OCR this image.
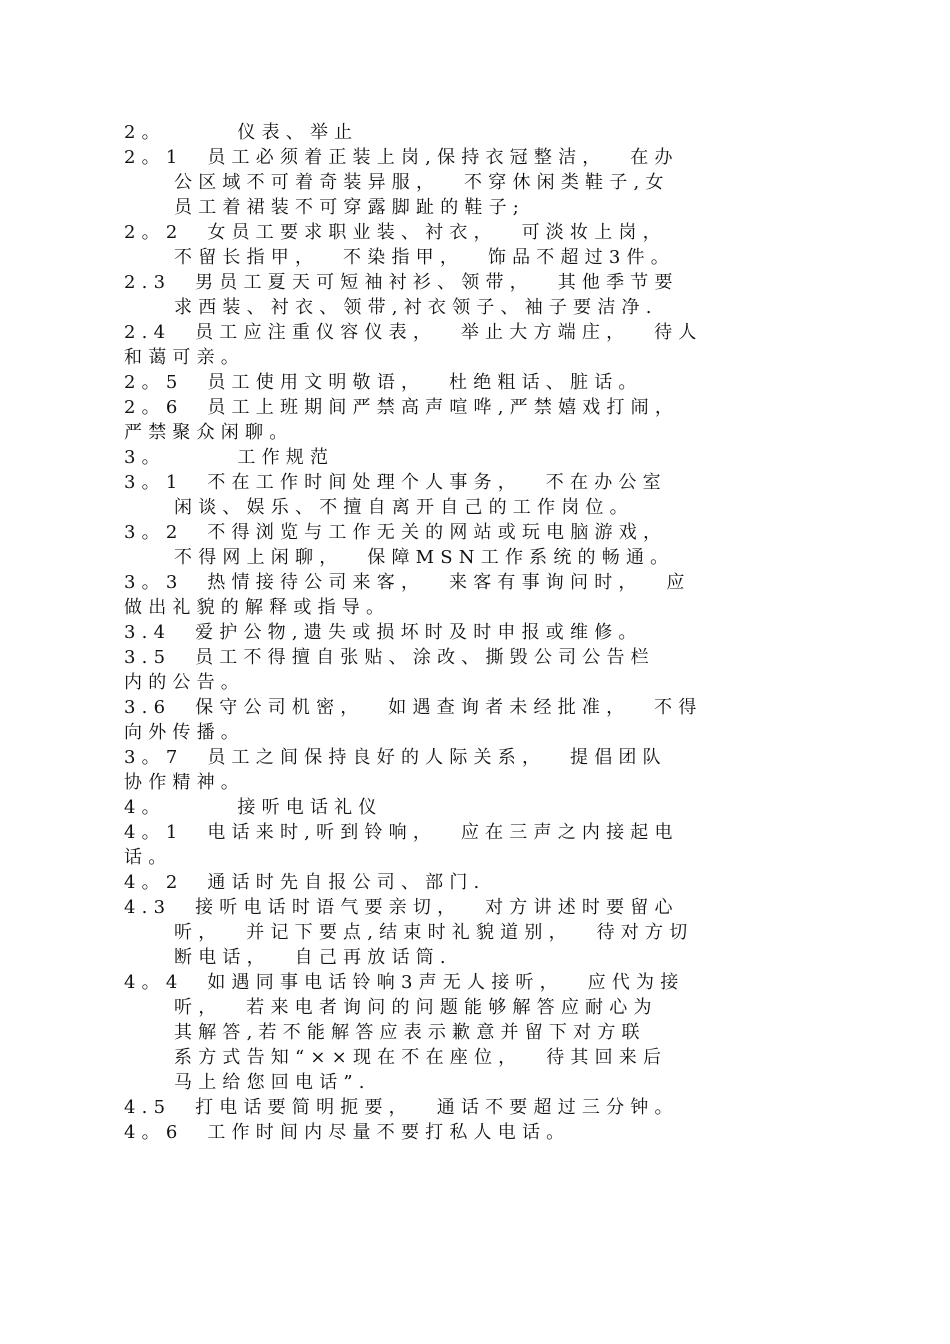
2。      仪表、举止
2。1  员工必须着正装上岗,保持衣冠整洁，  在办
公区域不可着奇装异服，  不穿休闲类鞋子,女
员工着裙装不可穿露脚趾的鞋子;
2。2  女员工要求职业装、衬衣，  可淡妆上岗，
不留长指甲，  不染指甲，  饰品不超过3件。
2.3  男员工夏天可短袖衬衫、领带，  其他季节要
求西装、衬衣、领带,衬衣领子、袖子要洁净.
2.4  员工应注重仪容仪表，  举止大方端庄，  待人
和蔼可亲。
2。5  员工使用文明敬语，  杜绝粗话、脏话。
2。6  员工上班期间严禁高声喧哗,严禁嬉戏打闹，
严禁聚众闲聊。
3。      工作规范
3。1  不在工作时间处理个人事务，  不在办公室
闲谈、娱乐、不擅自离开自己的工作岗位。
3。2  不得浏览与工作无关的网站或玩电脑游戏，
不得网上闲聊，  保障MSN工作系统的畅通。
3。3  热情接待公司来客，  来客有事询问时，  应
做出礼貌的解释或指导。
3.4  爱护公物,遗失或损坏时及时申报或维修。
3.5  员工不得擅自张贴、涂改、撕毁公司公告栏
内的公告。
3.6  保守公司机密，  如遇查询者未经批准，  不得
向外传播。
3。7  员工之间保持良好的人际关系，  提倡团队
协作精神。
4。      接听电话礼仪
4。1  电话来时,听到铃响，  应在三声之内接起电
话。
4。2  通话时先自报公司、部门.
4.3  接听电话时语气要亲切，  对方讲述时要留心
听，  并记下要点,结束时礼貌道别，  待对方切
断电话，  自己再放话筒.
4。4  如遇同事电话铃响3声无人接听，  应代为接
听，  若来电者询问的问题能够解答应耐心为
其解答,若不能解答应表示歉意并留下对方联
系方式告知“××现在不在座位，  待其回来后
马上给您回电话”.
4.5  打电话要简明扼要，  通话不要超过三分钟。
4。6  工作时间内尽量不要打私人电话。
